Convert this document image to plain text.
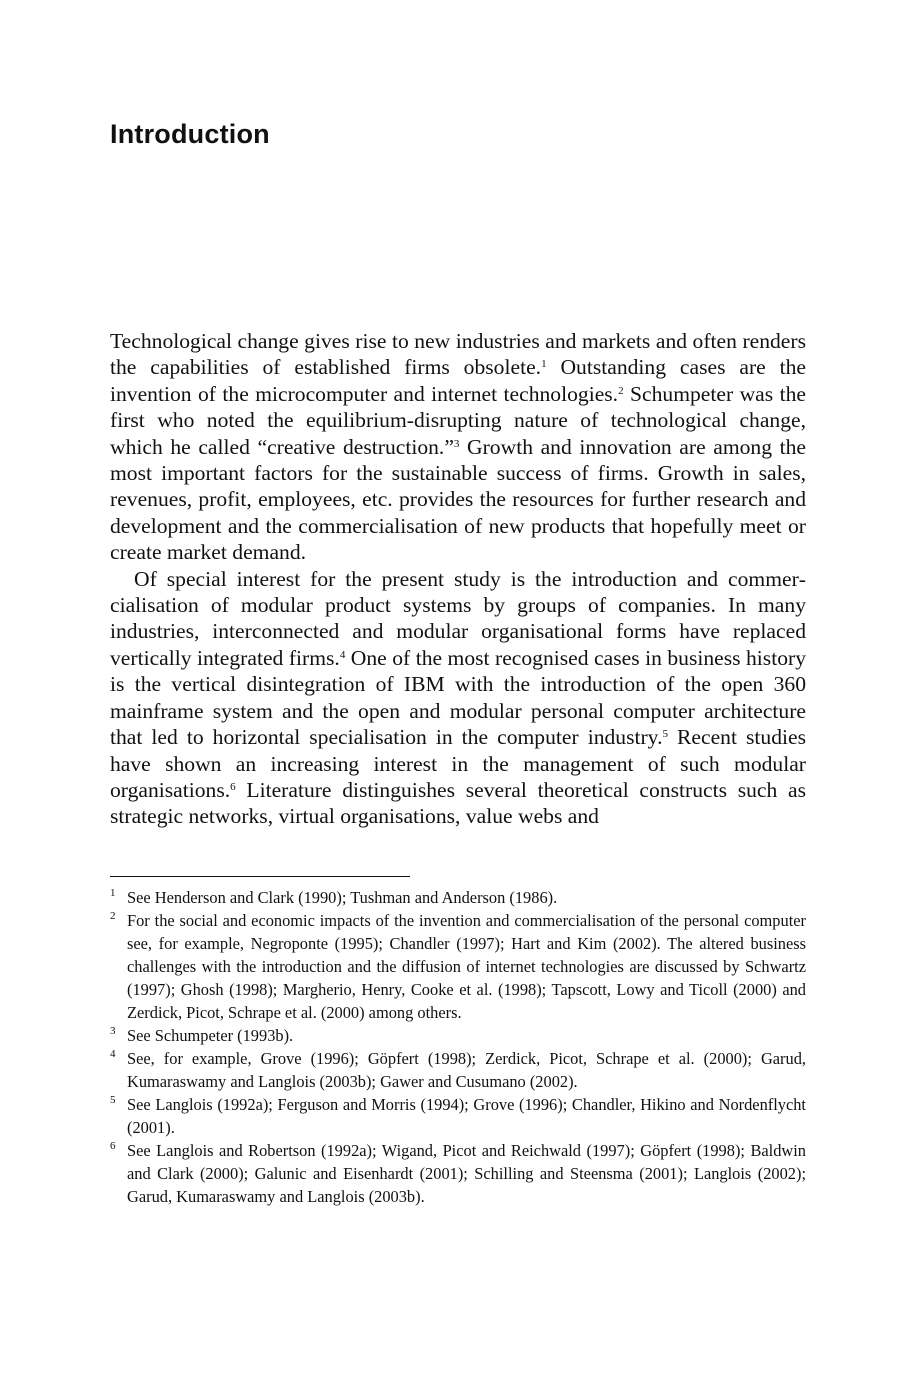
Introduction

Technological change gives rise to new industries and markets and often renders the capabilities of established firms obsolete.$^1$ Outstanding cases are the invention of the microcomputer and internet technologies.$^2$ Schumpeter was the first who noted the equilibrium-disrupting nature of technological change, which he called “creative destruction.”$^3$ Growth and innovation are among the most important factors for the sustainable success of firms. Growth in sales, revenues, profit, employees, etc. provides the resources for further research and development and the commercialisation of new products that hopefully meet or create market demand.

Of special interest for the present study is the introduction and commercialisation of modular product systems by groups of companies. In many industries, interconnected and modular organisational forms have replaced vertically integrated firms.$^4$ One of the most recognised cases in business history is the vertical disintegration of IBM with the introduction of the open 360 mainframe system and the open and modular personal computer architecture that led to horizontal specialisation in the computer industry.$^5$ Recent studies have shown an increasing interest in the management of such modular organisations.$^6$ Literature distinguishes several theoretical constructs such as strategic networks, virtual organisations, value webs and

1 See Henderson and Clark (1990); Tushman and Anderson (1986).
2 For the social and economic impacts of the invention and commercialisation of the personal computer see, for example, Negroponte (1995); Chandler (1997); Hart and Kim (2002). The altered business challenges with the introduction and the diffusion of internet technologies are discussed by Schwartz (1997); Ghosh (1998); Margherio, Henry, Cooke et al. (1998); Tapscott, Lowy and Ticoll (2000) and Zerdick, Picot, Schrape et al. (2000) among others.
3 See Schumpeter (1993b).
4 See, for example, Grove (1996); Göpfert (1998); Zerdick, Picot, Schrape et al. (2000); Garud, Kumaraswamy and Langlois (2003b); Gawer and Cusumano (2002).
5 See Langlois (1992a); Ferguson and Morris (1994); Grove (1996); Chandler, Hikino and Nordenflycht (2001).
6 See Langlois and Robertson (1992a); Wigand, Picot and Reichwald (1997); Göpfert (1998); Baldwin and Clark (2000); Galunic and Eisenhardt (2001); Schilling and Steensma (2001); Langlois (2002); Garud, Kumaraswamy and Langlois (2003b).
